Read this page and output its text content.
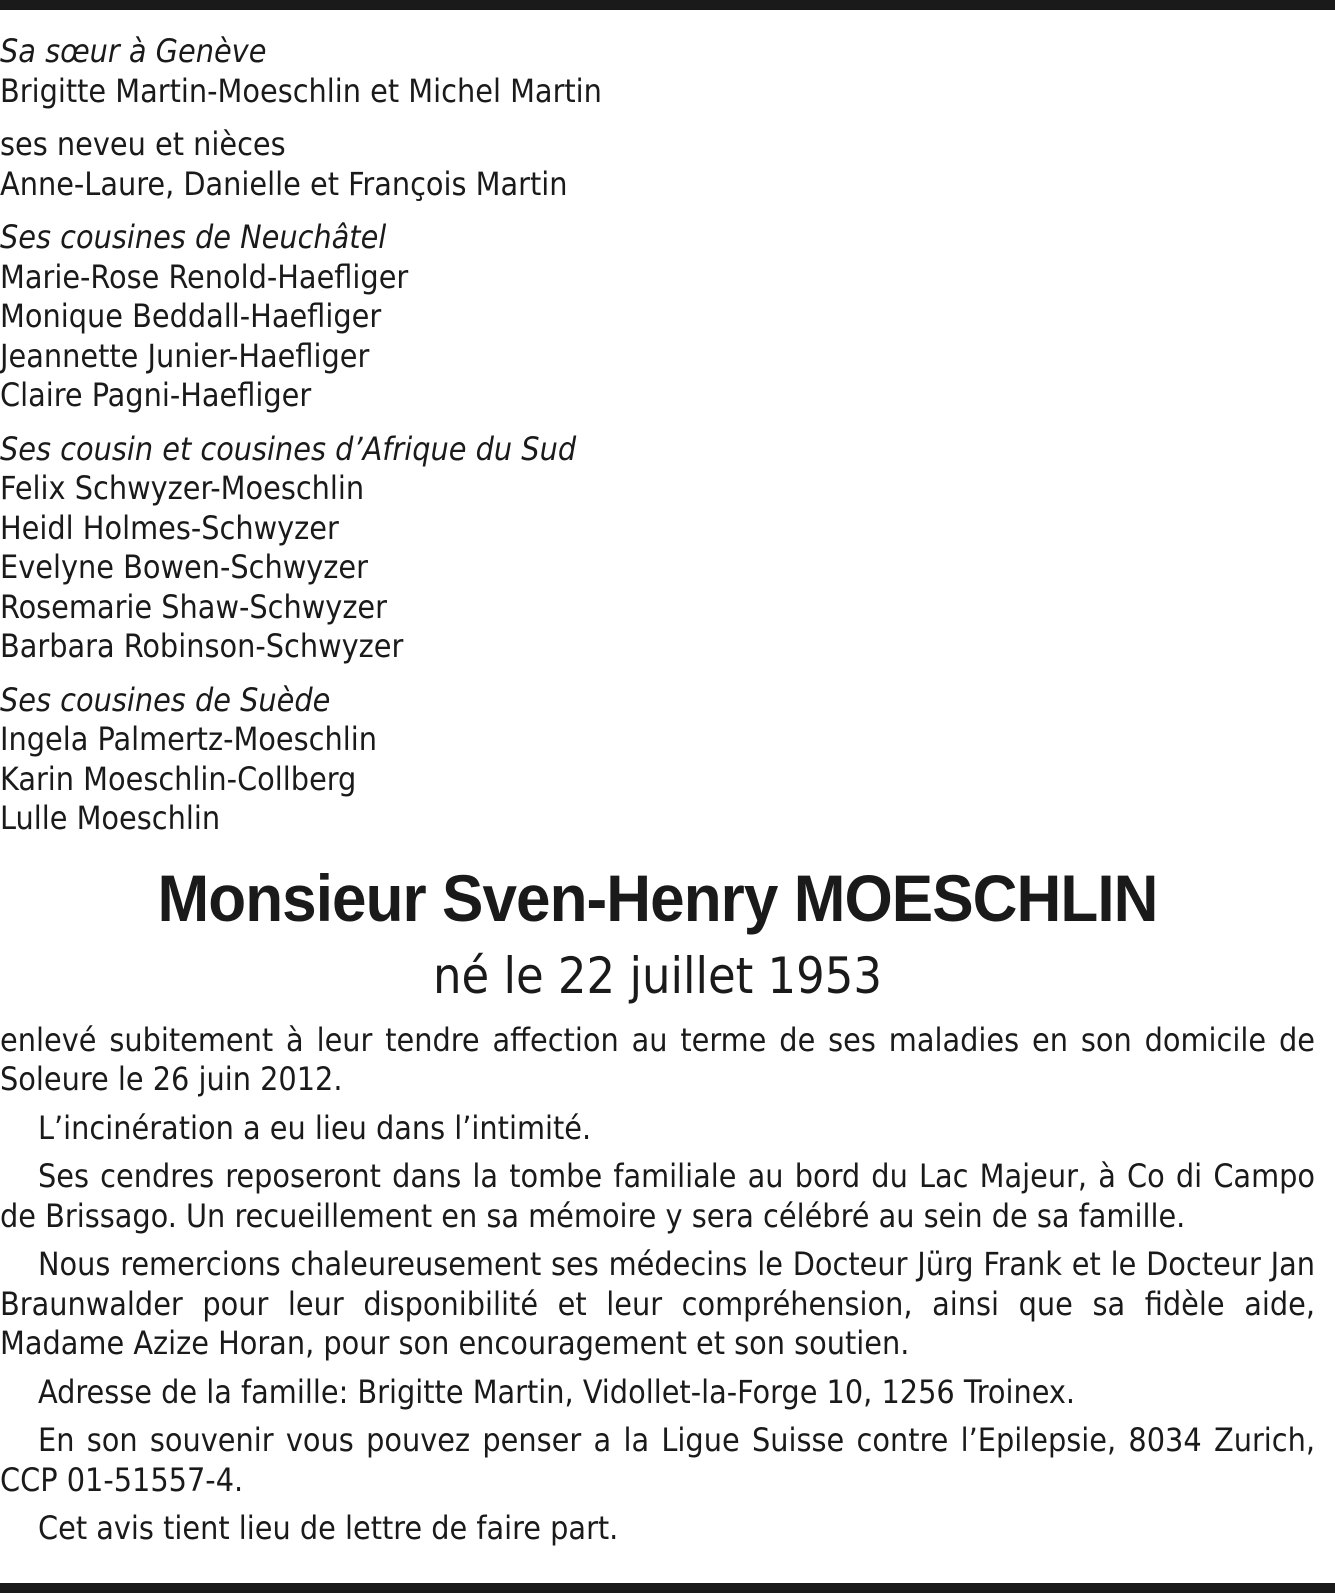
Sa sœur à Genève
Brigitte Martin-Moeschlin et Michel Martin
ses neveu et nièces
Anne-Laure, Danielle et François Martin
Ses cousines de Neuchâtel
Marie-Rose Renold-Haefliger
Monique Beddall-Haefliger
Jeannette Junier-Haefliger
Claire Pagni-Haefliger
Ses cousin et cousines d’Afrique du Sud
Felix Schwyzer-Moeschlin
Heidl Holmes-Schwyzer
Evelyne Bowen-Schwyzer
Rosemarie Shaw-Schwyzer
Barbara Robinson-Schwyzer
Ses cousines de Suède
Ingela Palmertz-Moeschlin
Karin Moeschlin-Collberg
Lulle Moeschlin
Monsieur Sven-Henry MOESCHLIN
né le 22 juillet 1953

enlevé subitement à leur tendre affection au terme de ses maladies en son domicile de Soleure le 26 juin 2012.

L’incinération a eu lieu dans l’intimité.

Ses cendres reposeront dans la tombe familiale au bord du Lac Majeur, à Co di Campo de Brissago. Un recueillement en sa mémoire y sera célébré au sein de sa famille.

Nous remercions chaleureusement ses médecins le Docteur Jürg Frank et le Docteur Jan Braunwalder pour leur disponibilité et leur compréhension, ainsi que sa fidèle aide, Madame Azize Horan, pour son encouragement et son soutien.

Adresse de la famille: Brigitte Martin, Vidollet-la-Forge 10, 1256 Troinex.

En son souvenir vous pouvez penser a la Ligue Suisse contre l’Epilepsie, 8034 Zurich, CCP 01-51557-4.

Cet avis tient lieu de lettre de faire part.
